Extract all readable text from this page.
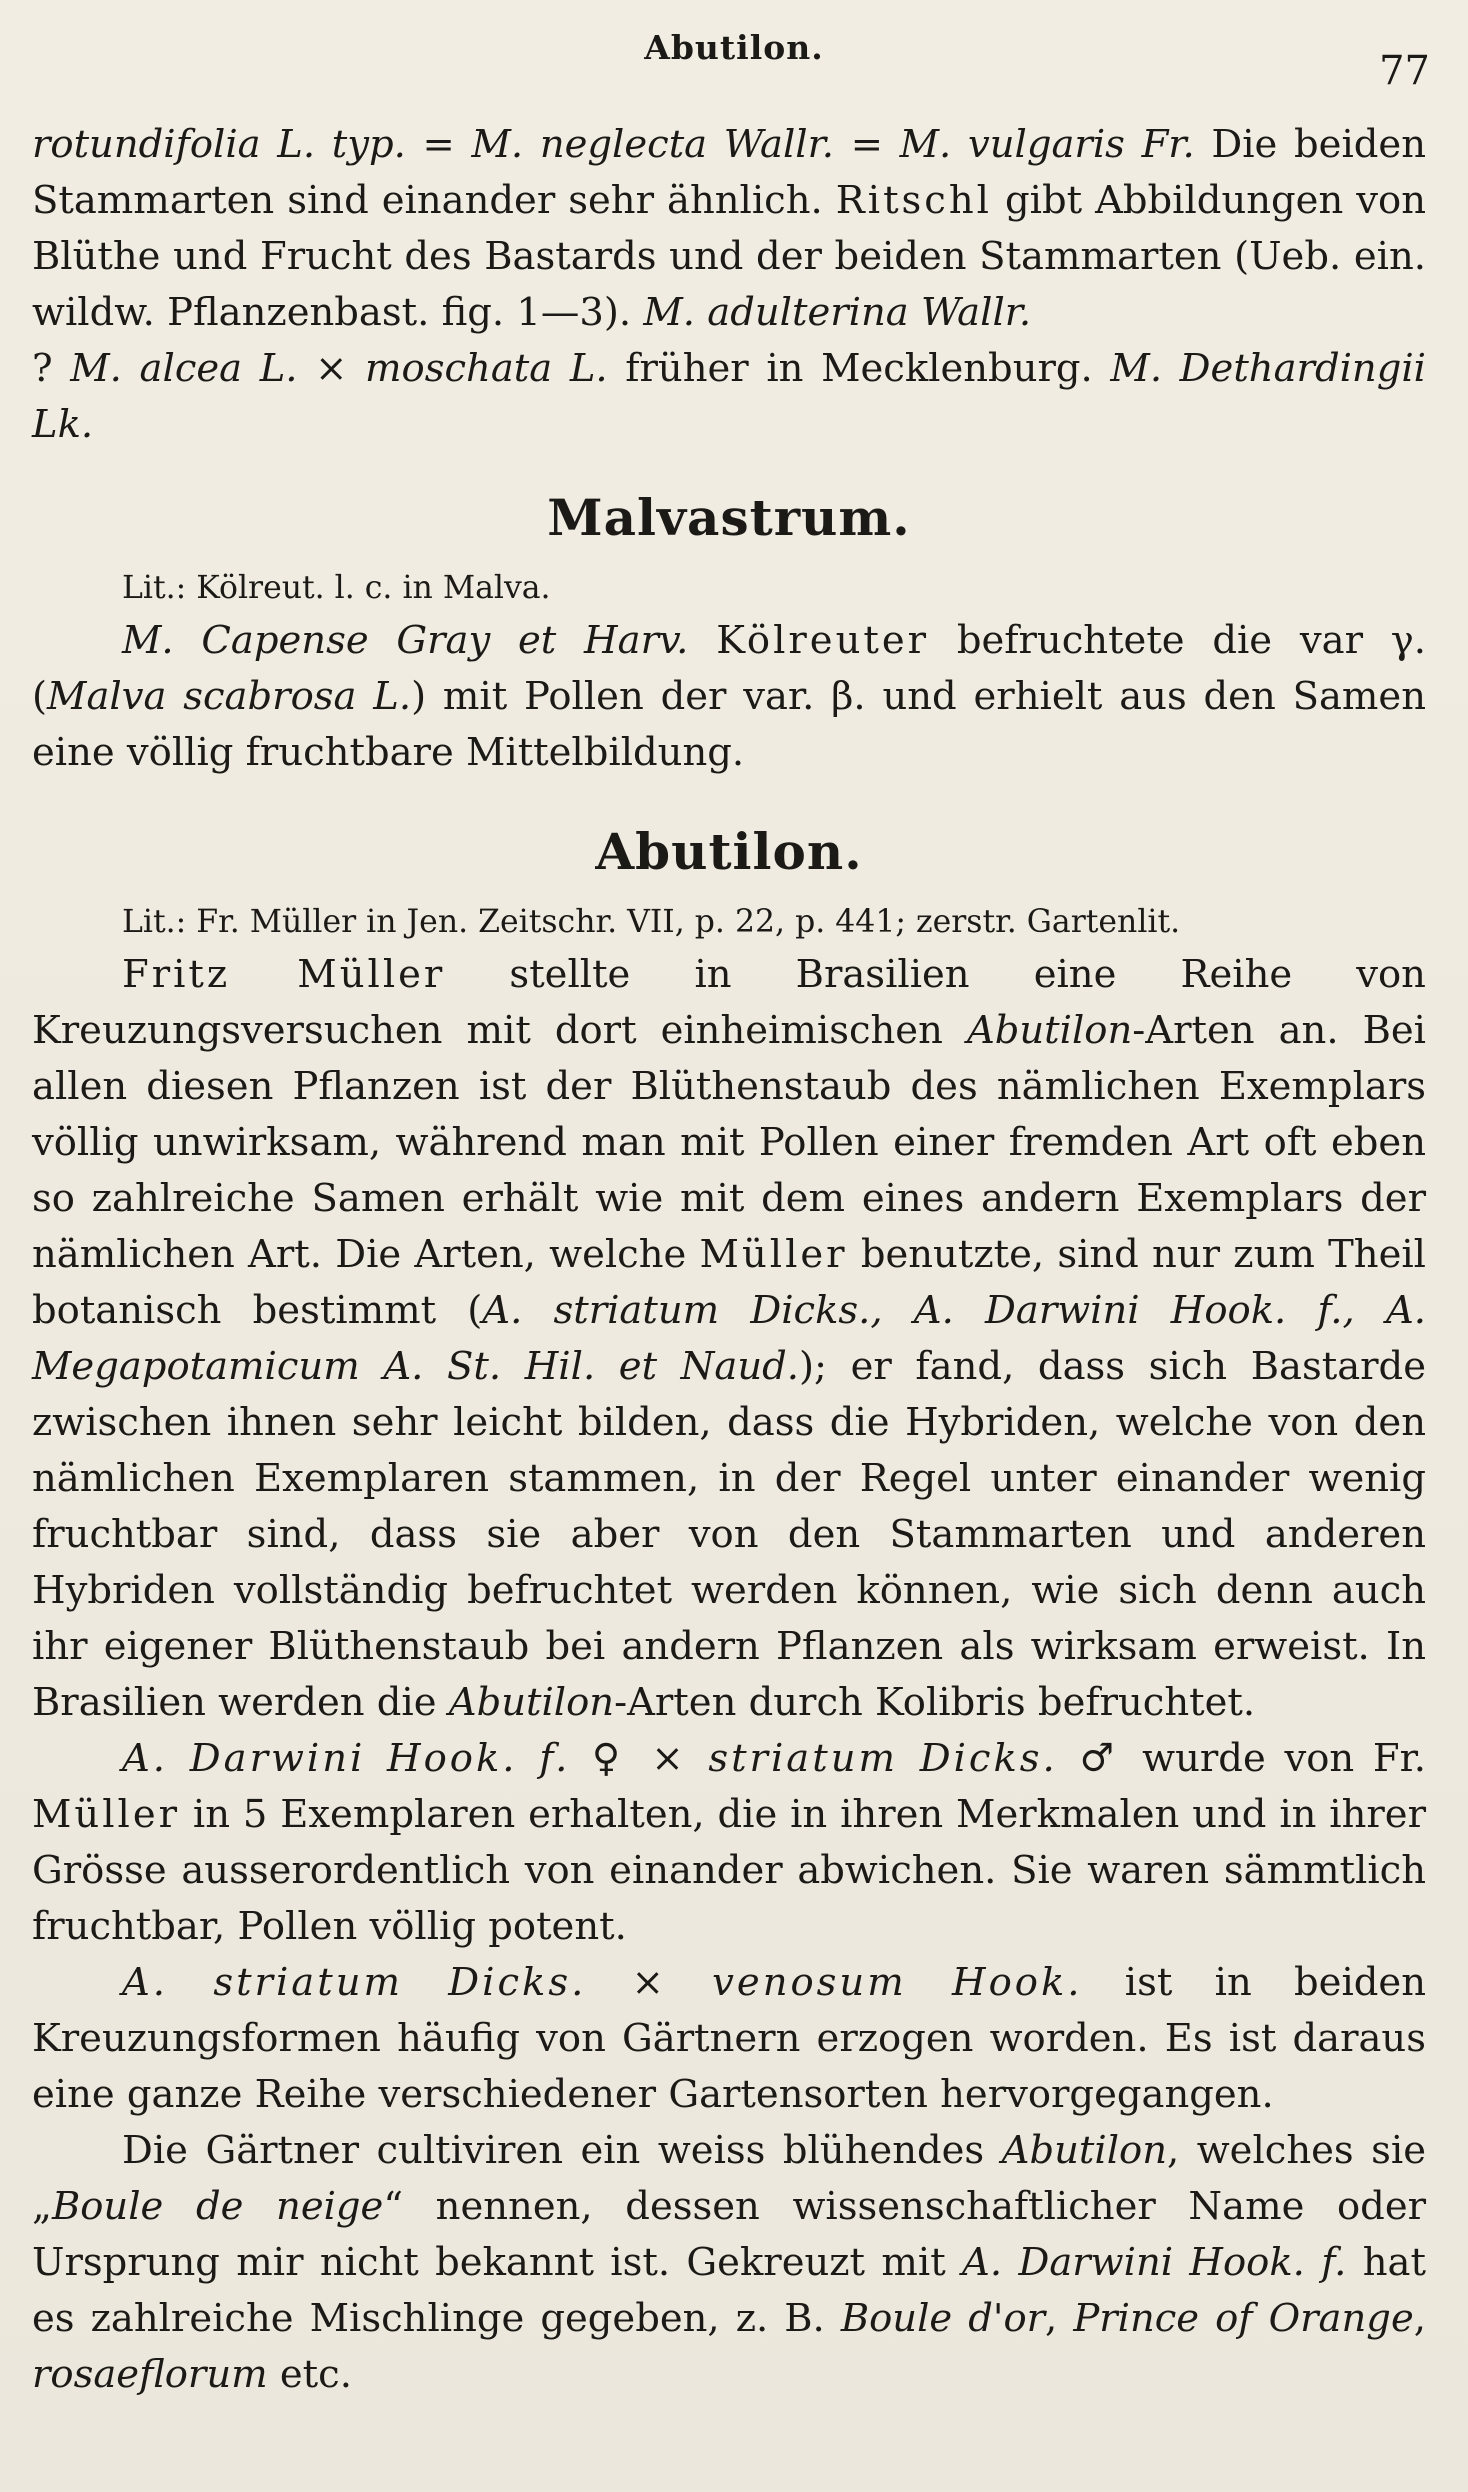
Abutilon.
77

rotundifolia L. typ. = M. neglecta Wallr. = M. vulgaris Fr. Die beiden Stammarten sind einander sehr ähnlich. Ritschl gibt Abbildungen von Blüthe und Frucht des Bastards und der beiden Stammarten (Ueb. ein. wildw. Pflanzenbast. fig. 1—3). M. adulterina Wallr.

? M. alcea L. × moschata L. früher in Mecklenburg. M. Dethardingii Lk.

Malvastrum.

Lit.: Kölreut. l. c. in Malva.

M. Capense Gray et Harv. Kölreuter befruchtete die var γ. (Malva scabrosa L.) mit Pollen der var. β. und erhielt aus den Samen eine völlig fruchtbare Mittelbildung.

Abutilon.

Lit.: Fr. Müller in Jen. Zeitschr. VII, p. 22, p. 441; zerstr. Gartenlit.

Fritz Müller stellte in Brasilien eine Reihe von Kreuzungsversuchen mit dort einheimischen Abutilon-Arten an. Bei allen diesen Pflanzen ist der Blüthenstaub des nämlichen Exemplars völlig unwirksam, während man mit Pollen einer fremden Art oft eben so zahlreiche Samen erhält wie mit dem eines andern Exemplars der nämlichen Art. Die Arten, welche Müller benutzte, sind nur zum Theil botanisch bestimmt (A. striatum Dicks., A. Darwini Hook. f., A. Megapotamicum A. St. Hil. et Naud.); er fand, dass sich Bastarde zwischen ihnen sehr leicht bilden, dass die Hybriden, welche von den nämlichen Exemplaren stammen, in der Regel unter einander wenig fruchtbar sind, dass sie aber von den Stammarten und anderen Hybriden vollständig befruchtet werden können, wie sich denn auch ihr eigener Blüthenstaub bei andern Pflanzen als wirksam erweist. In Brasilien werden die Abutilon-Arten durch Kolibris befruchtet.

A. Darwini Hook. f. ♀ × striatum Dicks. ♂ wurde von Fr. Müller in 5 Exemplaren erhalten, die in ihren Merkmalen und in ihrer Grösse ausserordentlich von einander abwichen. Sie waren sämmtlich fruchtbar, Pollen völlig potent.

A. striatum Dicks. × venosum Hook. ist in beiden Kreuzungsformen häufig von Gärtnern erzogen worden. Es ist daraus eine ganze Reihe verschiedener Gartensorten hervorgegangen.

Die Gärtner cultiviren ein weiss blühendes Abutilon, welches sie „Boule de neige“ nennen, dessen wissenschaftlicher Name oder Ursprung mir nicht bekannt ist. Gekreuzt mit A. Darwini Hook. f. hat es zahlreiche Mischlinge gegeben, z. B. Boule d'or, Prince of Orange, rosaeflorum etc.
